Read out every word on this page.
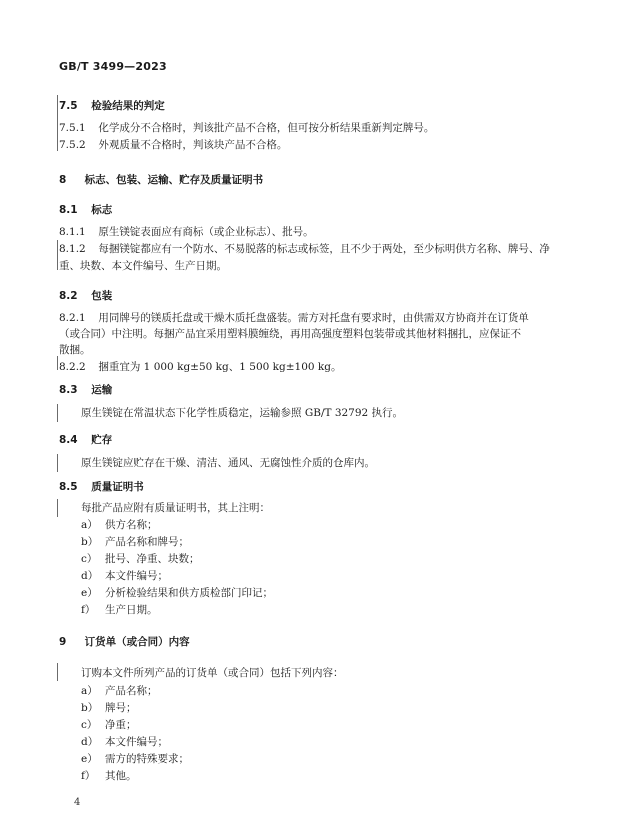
GB/T 3499—2023
7.5 检验结果的判定
7.5.1 化学成分不合格时，判该批产品不合格，但可按分析结果重新判定牌号。
7.5.2 外观质量不合格时，判该块产品不合格。
8 标志、包装、运输、贮存及质量证明书
8.1 标志
8.1.1 原生镁锭表面应有商标（或企业标志）、批号。
8.1.2 每捆镁锭都应有一个防水、不易脱落的标志或标签，且不少于两处，至少标明供方名称、牌号、净
重、块数、本文件编号、生产日期。
8.2 包装
8.2.1 用同牌号的镁质托盘或干燥木质托盘盛装。需方对托盘有要求时，由供需双方协商并在订货单
（或合同）中注明。每捆产品宜采用塑料膜缠绕，再用高强度塑料包装带或其他材料捆扎，应保证不
散捆。
8.2.2 捆重宜为 1 000 kg±50 kg、1 500 kg±100 kg。
8.3 运输
原生镁锭在常温状态下化学性质稳定，运输参照 GB/T 32792 执行。
8.4 贮存
原生镁锭应贮存在干燥、清洁、通风、无腐蚀性介质的仓库内。
8.5 质量证明书
每批产品应附有质量证明书，其上注明：
a） 供方名称；
b） 产品名称和牌号；
c） 批号、净重、块数；
d） 本文件编号；
e） 分析检验结果和供方质检部门印记；
f） 生产日期。
9 订货单（或合同）内容
订购本文件所列产品的订货单（或合同）包括下列内容：
a） 产品名称；
b） 牌号；
c） 净重；
d） 本文件编号；
e） 需方的特殊要求；
f） 其他。
4
